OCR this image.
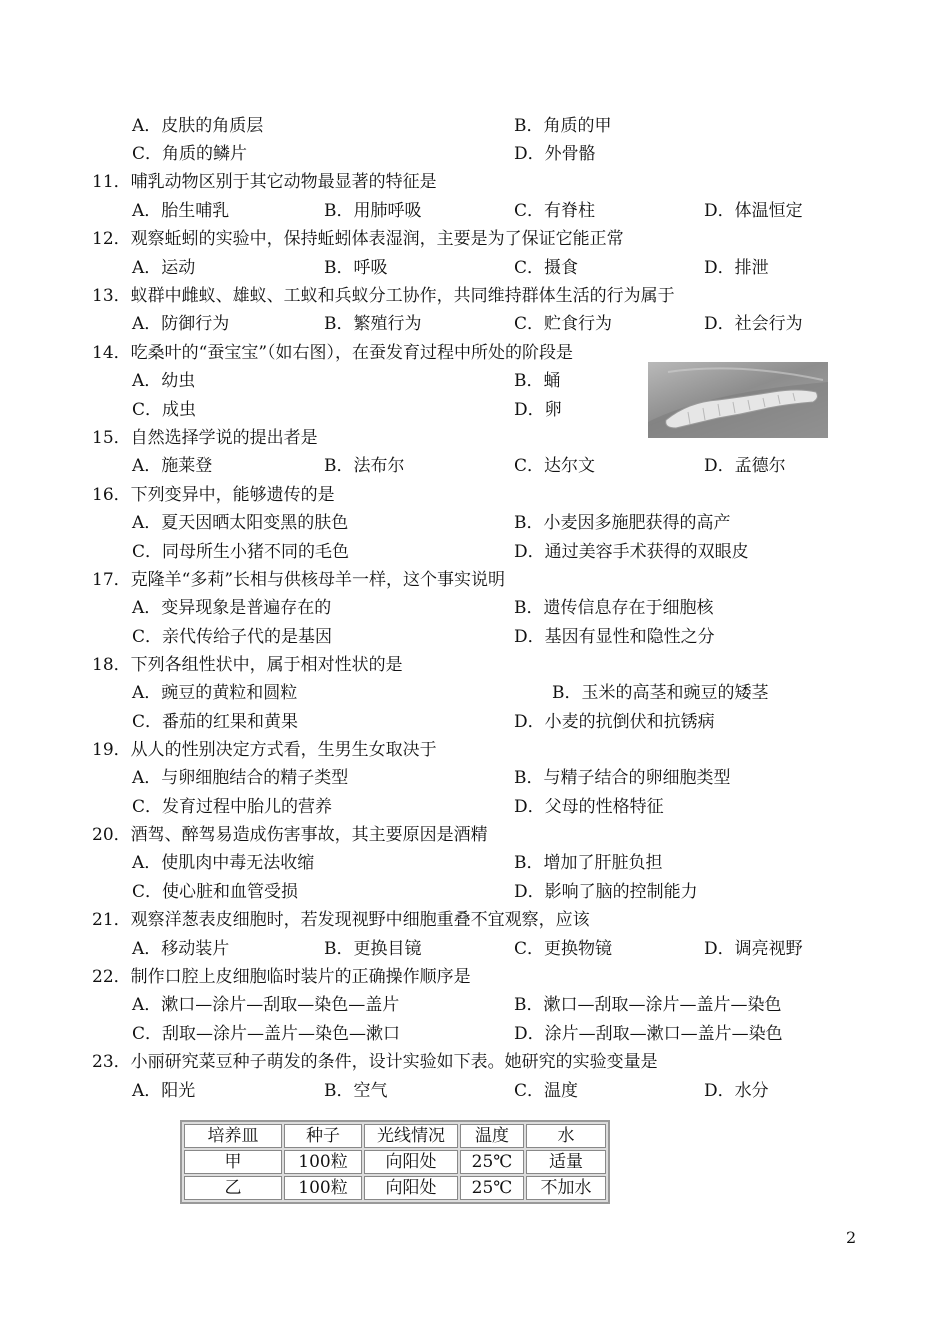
A．皮肤的角质层	B．角质的甲
C．角质的鳞片	D．外骨骼
11．哺乳动物区别于其它动物最显著的特征是
A．胎生哺乳	B．用肺呼吸	C．有脊柱	D．体温恒定
12．观察蚯蚓的实验中，保持蚯蚓体表湿润，主要是为了保证它能正常
A．运动	B．呼吸	C．摄食	D．排泄
13．蚁群中雌蚁、雄蚁、工蚁和兵蚁分工协作，共同维持群体生活的行为属于
A．防御行为	B．繁殖行为	C．贮食行为	D．社会行为
14．吃桑叶的“蚕宝宝”（如右图），在蚕发育过程中所处的阶段是
A．幼虫	B．蛹
C．成虫	D．卵
15．自然选择学说的提出者是
A．施莱登	B．法布尔	C．达尔文	D．孟德尔
16．下列变异中，能够遗传的是
A．夏天因晒太阳变黑的肤色	B．小麦因多施肥获得的高产
C．同母所生小猪不同的毛色	D．通过美容手术获得的双眼皮
17．克隆羊“多莉”长相与供核母羊一样，这个事实说明
A．变异现象是普遍存在的	B．遗传信息存在于细胞核
C．亲代传给子代的是基因	D．基因有显性和隐性之分
18．下列各组性状中，属于相对性状的是
A．豌豆的黄粒和圆粒	B．玉米的高茎和豌豆的矮茎
C．番茄的红果和黄果	D．小麦的抗倒伏和抗锈病
19．从人的性别决定方式看，生男生女取决于
A．与卵细胞结合的精子类型	B．与精子结合的卵细胞类型
C．发育过程中胎儿的营养	D．父母的性格特征
20．酒驾、醉驾易造成伤害事故，其主要原因是酒精
A．使肌肉中毒无法收缩	B．增加了肝脏负担
C．使心脏和血管受损	D．影响了脑的控制能力
21．观察洋葱表皮细胞时，若发现视野中细胞重叠不宜观察，应该
A．移动装片	B．更换目镜	C．更换物镜	D．调亮视野
22．制作口腔上皮细胞临时装片的正确操作顺序是
A．漱口—涂片—刮取—染色—盖片	B．漱口—刮取—涂片—盖片—染色
C．刮取—涂片—盖片—染色—漱口	D．涂片—刮取—漱口—盖片—染色
23．小丽研究菜豆种子萌发的条件，设计实验如下表。她研究的实验变量是
A．阳光	B．空气	C．温度	D．水分
培养皿	种子	光线情况	温度	水
甲	100粒	向阳处	25℃	适量
乙	100粒	向阳处	25℃	不加水
2
